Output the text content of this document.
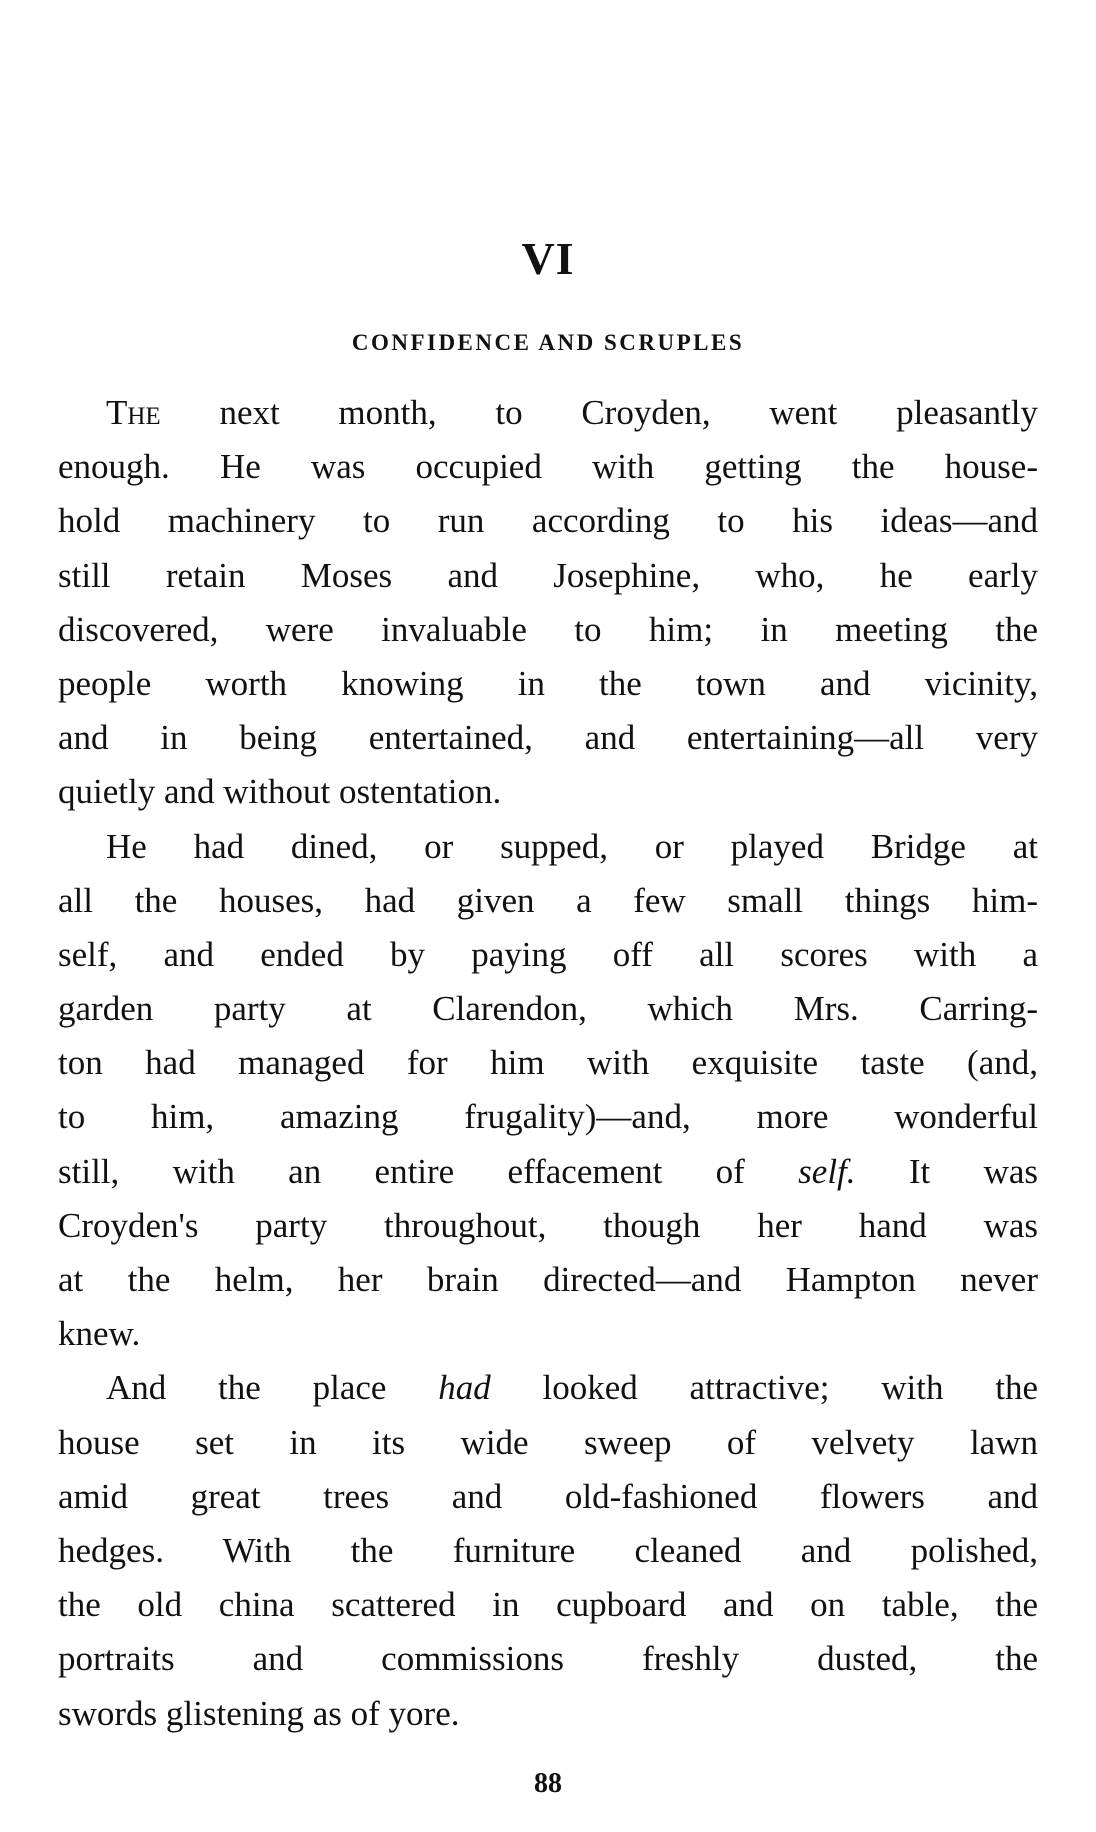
VI
CONFIDENCE AND SCRUPLES
The next month, to Croyden, went pleasantly
enough. He was occupied with getting the house-
hold machinery to run according to his ideas—and
still retain Moses and Josephine, who, he early
discovered, were invaluable to him; in meeting the
people worth knowing in the town and vicinity,
and in being entertained, and entertaining—all very
quietly and without ostentation.
He had dined, or supped, or played Bridge at
all the houses, had given a few small things him-
self, and ended by paying off all scores with a
garden party at Clarendon, which Mrs. Carring-
ton had managed for him with exquisite taste (and,
to him, amazing frugality)—and, more wonderful
still, with an entire effacement of self. It was
Croyden's party throughout, though her hand was
at the helm, her brain directed—and Hampton never
knew.
And the place had looked attractive; with the
house set in its wide sweep of velvety lawn
amid great trees and old-fashioned flowers and
hedges. With the furniture cleaned and polished,
the old china scattered in cupboard and on table, the
portraits and commissions freshly dusted, the
swords glistening as of yore.
88
